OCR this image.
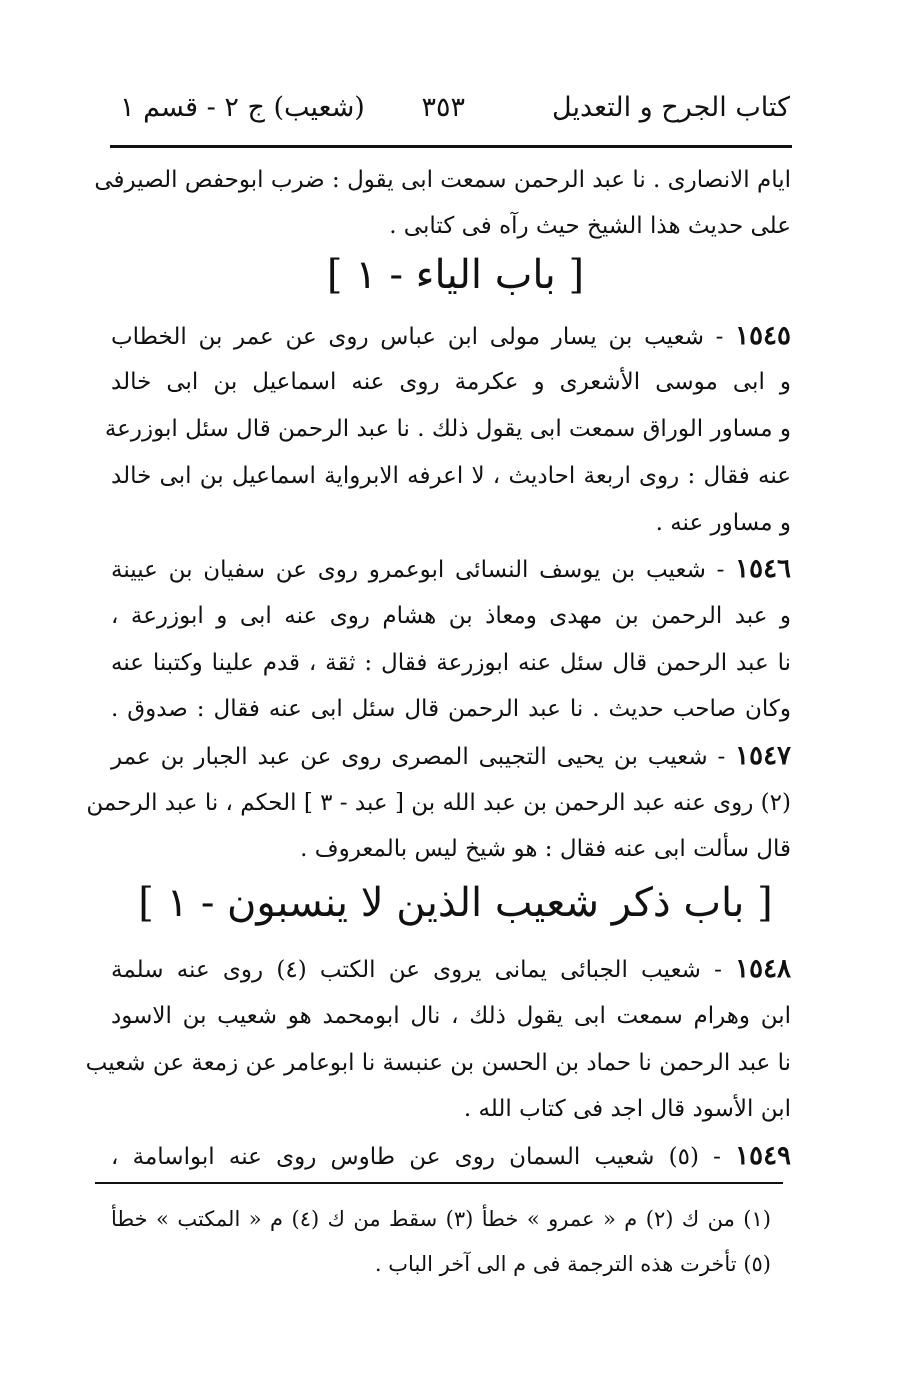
كتاب الجرح و التعديل
٣٥٣
(شعيب) ج ٢ - قسم ١
ايام الانصارى . نا عبد الرحمن سمعت ابى يقول : ضرب ابوحفص الصيرفى
على حديث هذا الشيخ حيث رآه فى كتابى .
[ باب الياء - ١ ]
١٥٤٥ - شعيب بن يسار مولى ابن عباس روى عن عمر بن الخطاب
و ابى موسى الأشعرى و عكرمة روى عنه اسماعيل بن ابى خالد
و مساور الوراق سمعت ابى يقول ذلك . نا عبد الرحمن قال سئل ابوزرعة
عنه فقال : روى اربعة احاديث ، لا اعرفه الابرواية اسماعيل بن ابى خالد
و مساور عنه .
١٥٤٦ - شعيب بن يوسف النسائى ابوعمرو روى عن سفيان بن عيينة
و عبد الرحمن بن مهدى ومعاذ بن هشام روى عنه ابى و ابوزرعة ،
نا عبد الرحمن قال سئل عنه ابوزرعة فقال : ثقة ، قدم علينا وكتبنا عنه
وكان صاحب حديث . نا عبد الرحمن قال سئل ابى عنه فقال : صدوق .
١٥٤٧ - شعيب بن يحيى التجيبى المصرى روى عن عبد الجبار بن عمر
(٢) روى عنه عبد الرحمن بن عبد الله بن [ عبد - ٣ ] الحكم ، نا عبد الرحمن
قال سألت ابى عنه فقال : هو شيخ ليس بالمعروف .
[ باب ذكر شعيب الذين لا ينسبون - ١ ]
١٥٤٨ - شعيب الجبائى يمانى يروى عن الكتب (٤) روى عنه سلمة
ابن وهرام سمعت ابى يقول ذلك ، نال ابومحمد هو شعيب بن الاسود
نا عبد الرحمن نا حماد بن الحسن بن عنبسة نا ابوعامر عن زمعة عن شعيب
ابن الأسود قال اجد فى كتاب الله .
١٥٤٩ - (٥) شعيب السمان روى عن طاوس روى عنه ابواسامة ،
(١) من ك (٢) م « عمرو » خطأ (٣) سقط من ك (٤) م « المكتب » خطأ
(٥) تأخرت هذه الترجمة فى م الى آخر الباب .
